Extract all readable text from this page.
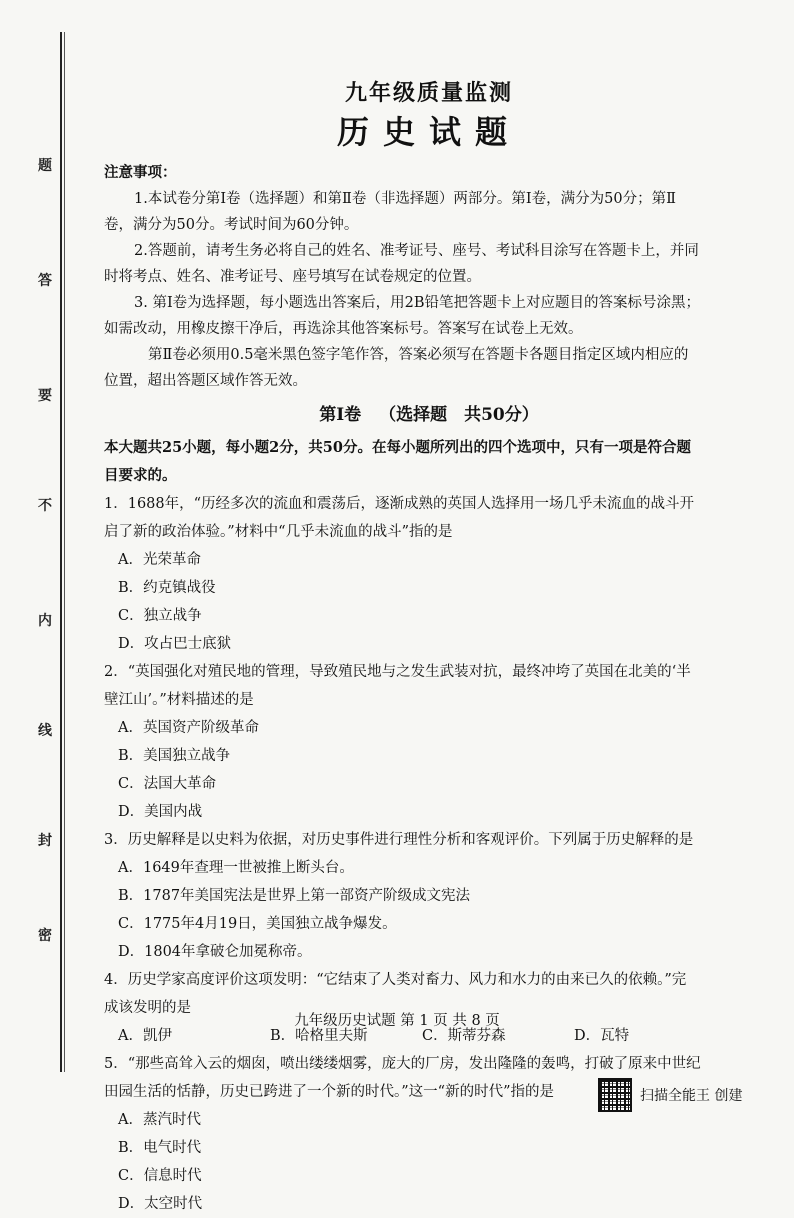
题
答
要
不
内
线
封
密
九年级质量监测
历史试题

注意事项：

1.本试卷分第Ⅰ卷（选择题）和第Ⅱ卷（非选择题）两部分。第Ⅰ卷，满分为50分；第Ⅱ

卷，满分为50分。考试时间为60分钟。

2.答题前，请考生务必将自己的姓名、准考证号、座号、考试科目涂写在答题卡上，并同

时将考点、姓名、准考证号、座号填写在试卷规定的位置。

3. 第Ⅰ卷为选择题，每小题选出答案后，用2B铅笔把答题卡上对应题目的答案标号涂黑；

如需改动，用橡皮擦干净后，再选涂其他答案标号。答案写在试卷上无效。

第Ⅱ卷必须用0.5毫米黑色签字笔作答，答案必须写在答题卡各题目指定区域内相应的

位置，超出答题区域作答无效。

第Ⅰ卷 （选择题　共50分）

本大题共25小题，每小题2分，共50分。在每小题所列出的四个选项中，只有一项是符合题

目要求的。

1．1688年，“历经多次的流血和震荡后，逐渐成熟的英国人选择用一场几乎未流血的战斗开

启了新的政治体验。”材料中“几乎未流血的战斗”指的是

A．光荣革命
B．约克镇战役
C．独立战争
D．攻占巴士底狱

2．“英国强化对殖民地的管理，导致殖民地与之发生武装对抗，最终冲垮了英国在北美的‘半

壁江山’。”材料描述的是

A．英国资产阶级革命
B．美国独立战争
C．法国大革命
D．美国内战

3．历史解释是以史料为依据，对历史事件进行理性分析和客观评价。下列属于历史解释的是

A．1649年查理一世被推上断头台。
B．1787年美国宪法是世界上第一部资产阶级成文宪法
C．1775年4月19日，美国独立战争爆发。
D．1804年拿破仑加冕称帝。

4．历史学家高度评价这项发明：“它结束了人类对畜力、风力和水力的由来已久的依赖。”完

成该发明的是

A．凯伊	B．哈格里夫斯	C．斯蒂芬森	D．瓦特

5．“那些高耸入云的烟囱，喷出缕缕烟雾，庞大的厂房，发出隆隆的轰鸣，打破了原来中世纪

田园生活的恬静，历史已跨进了一个新的时代。”这一“新的时代”指的是

A．蒸汽时代
B．电气时代
C．信息时代
D．太空时代
九年级历史试题 第 1 页 共 8 页
扫描全能王 创建
